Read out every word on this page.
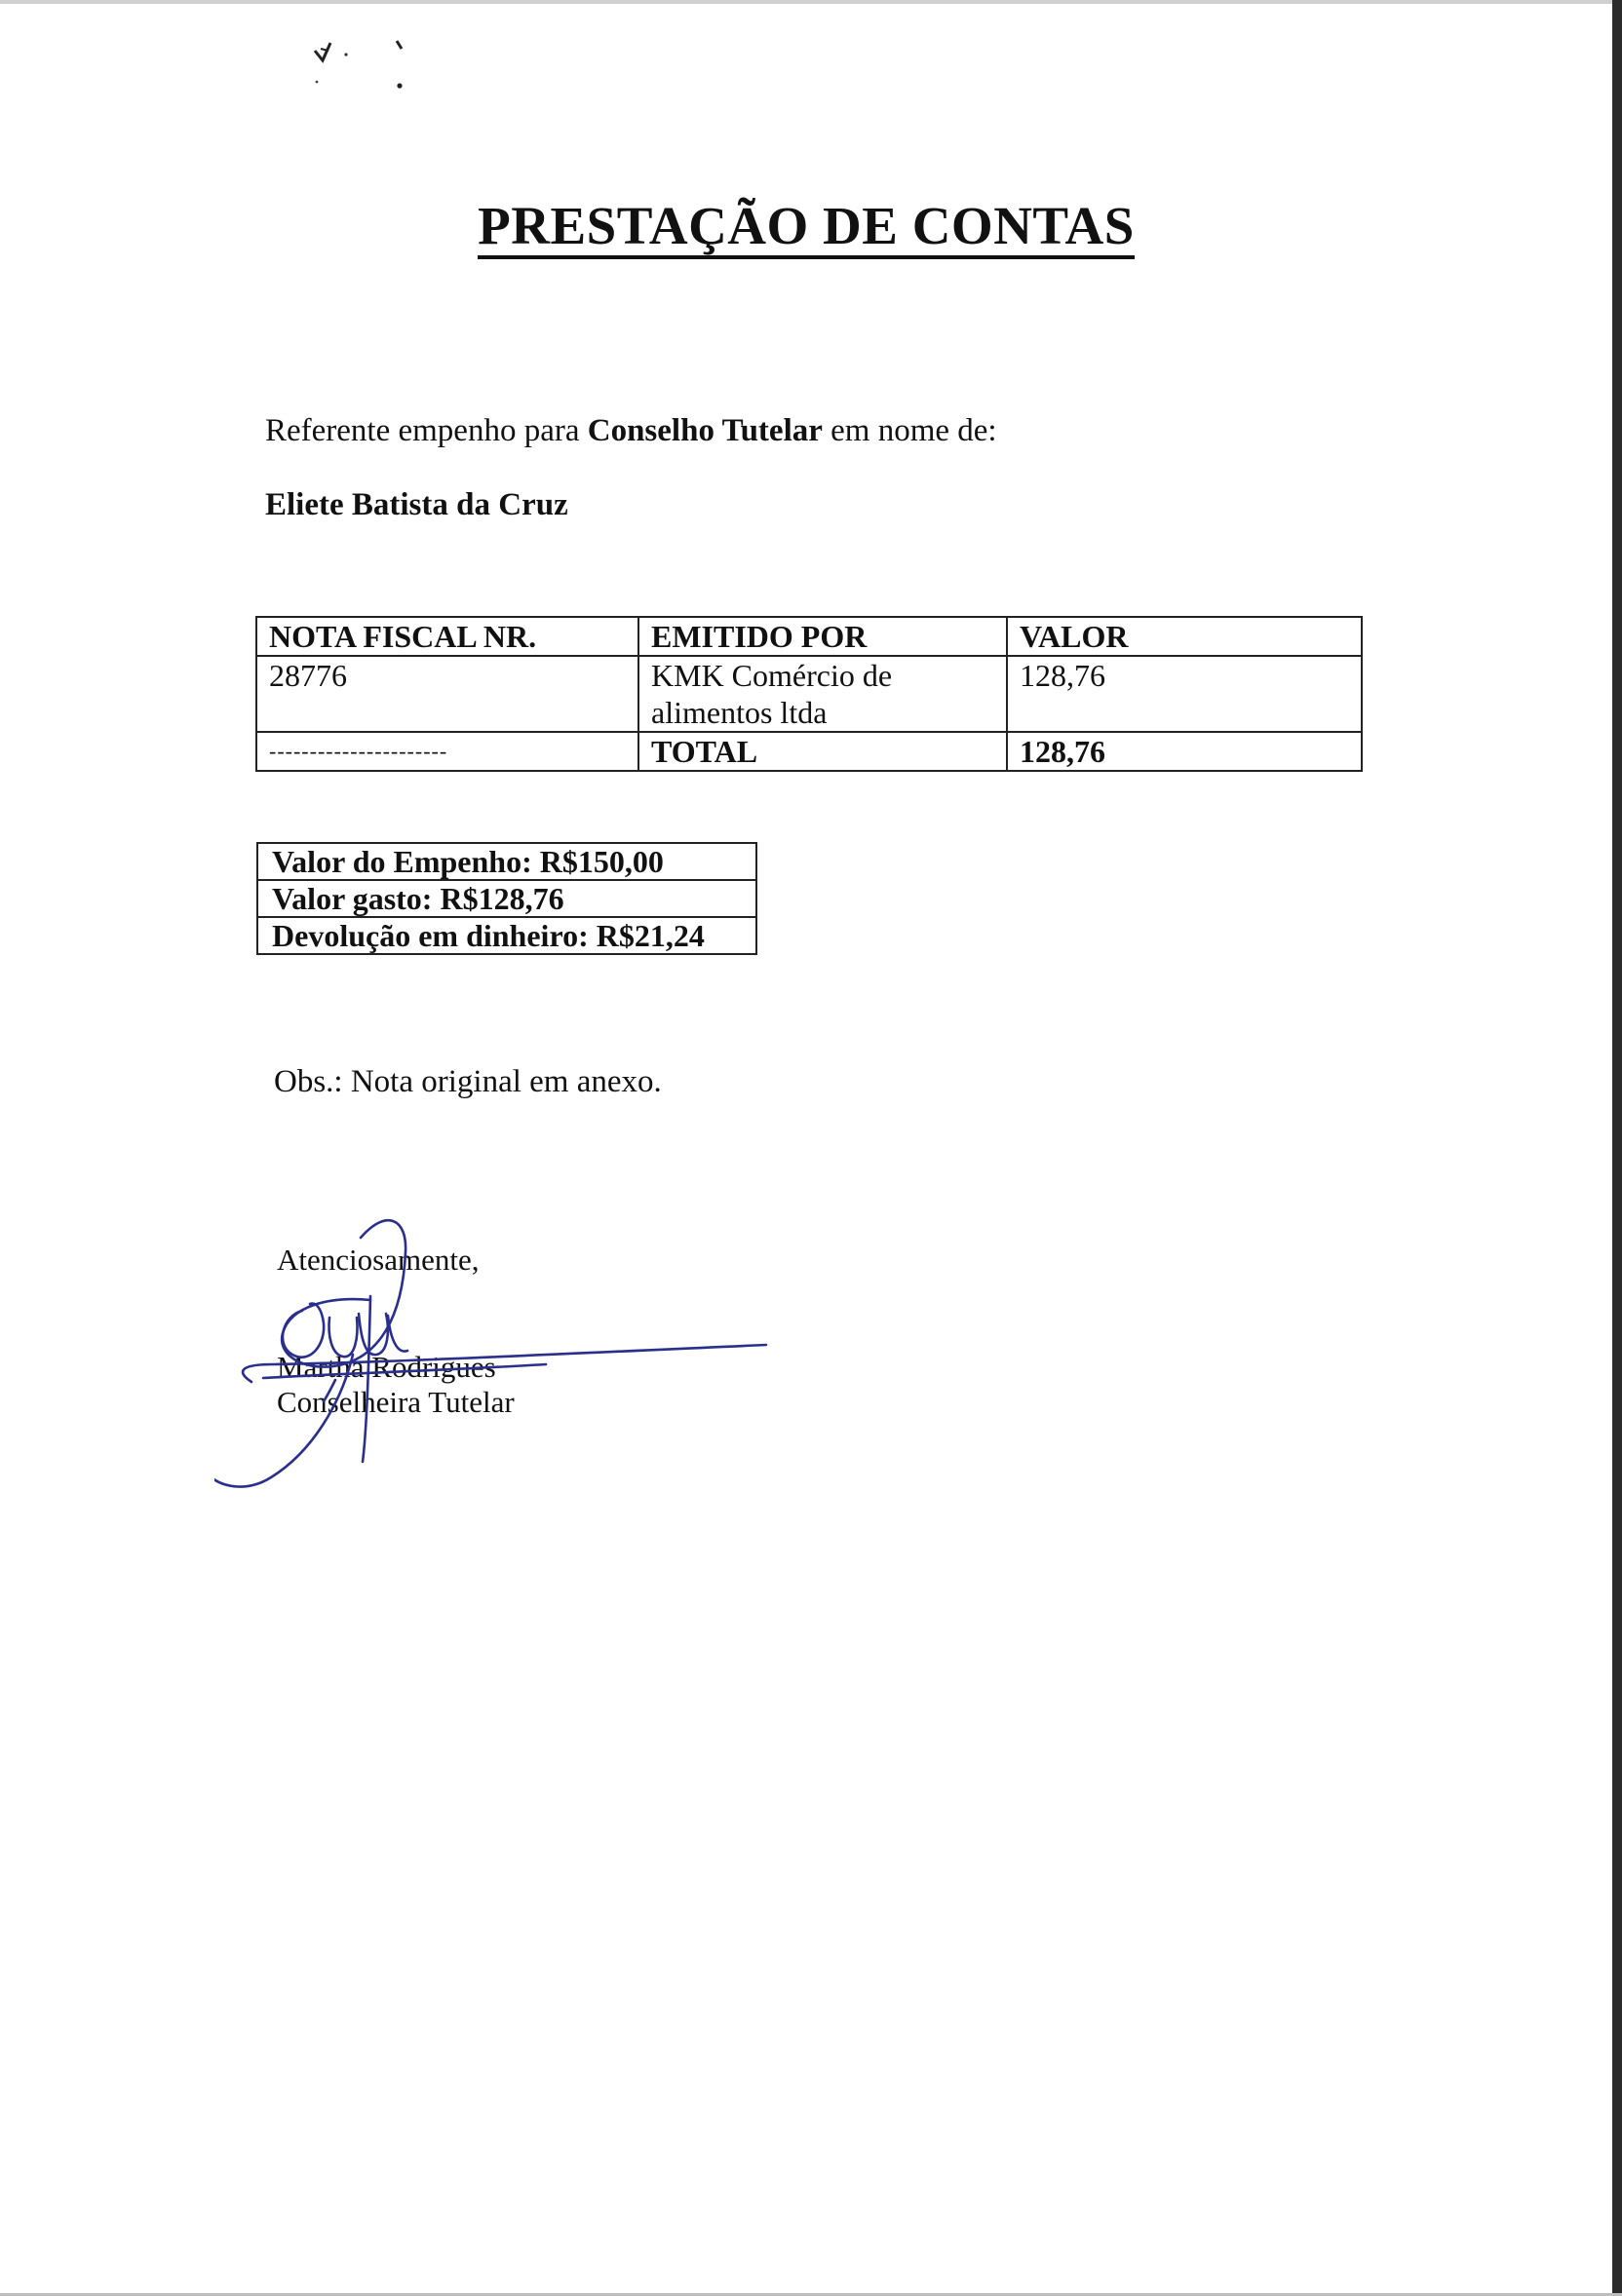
PRESTAÇÃO DE CONTAS
Referente empenho para Conselho Tutelar em nome de:
Eliete Batista da Cruz
NOTA FISCAL NR.	EMITIDO POR	VALOR
28776	KMK Comércio de alimentos ltda	128,76
----------------------	TOTAL	128,76
Valor do Empenho: R$150,00
Valor gasto: R$128,76
Devolução em dinheiro: R$21,24
Obs.: Nota original em anexo.
Atenciosamente,
Martha Rodrigues
Conselheira Tutelar
